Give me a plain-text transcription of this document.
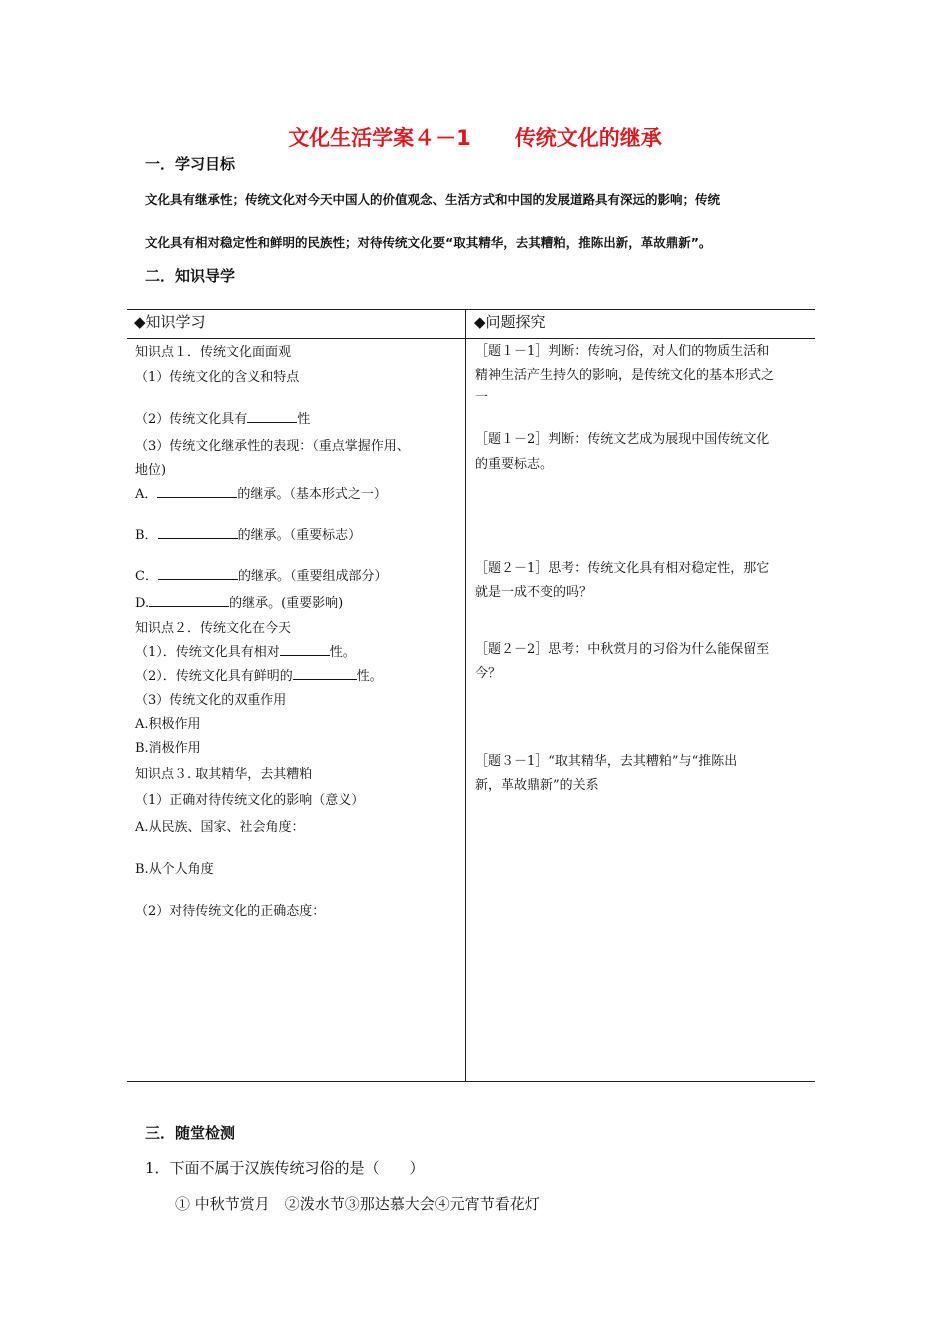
文化生活学案４－1 传统文化的继承
一．学习目标
文化具有继承性；传统文化对今天中国人的价值观念、生活方式和中国的发展道路具有深远的影响；传统
文化具有相对稳定性和鲜明的民族性；对待传统文化要“取其精华，去其糟粕，推陈出新，革故鼎新”。
二．知识导学
◆知识学习	◆问题探究
知识点１．传统文化面面观
（1）传统文化的含义和特点
（2）传统文化具有	性
（3）传统文化继承性的表现：（重点掌握作用、
地位)
A．	的继承。（基本形式之一）
B．	的继承。（重要标志）
C．	的继承。（重要组成部分）
D.	的继承。(重要影响)
知识点２．传统文化在今天
（1）．传统文化具有相对	性。
（2）．传统文化具有鲜明的	性。
（3）传统文化的双重作用
A.积极作用
B.消极作用
知识点３. 取其精华，去其糟粕
（1）正确对待传统文化的影响（意义）
A.从民族、国家、社会角度：
B.从个人角度
（2）对待传统文化的正确态度：
［题１－1］判断：传统习俗，对人们的物质生活和
精神生活产生持久的影响，是传统文化的基本形式之
一
［题１－2］判断：传统文艺成为展现中国传统文化
的重要标志。
［题２－1］思考：传统文化具有相对稳定性，那它
就是一成不变的吗？
［题２－2］思考：中秋赏月的习俗为什么能保留至
今？
［题３－1］“取其精华，去其糟粕”与“推陈出
新，革故鼎新”的关系
三．随堂检测
1．下面不属于汉族传统习俗的是（　　）
① 中秋节赏月　②泼水节③那达慕大会④元宵节看花灯
